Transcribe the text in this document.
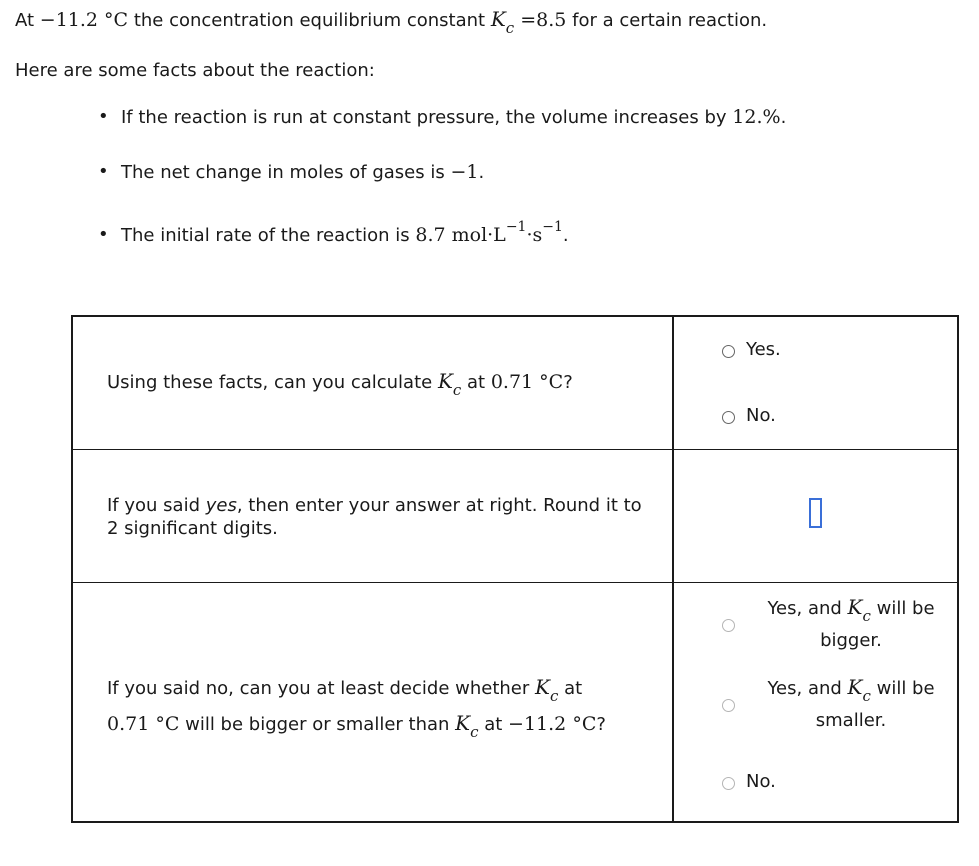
At −11.2 °C the concentration equilibrium constant $K_c =8.5$ for a certain reaction.
Here are some facts about the reaction:
• If the reaction is run at constant pressure, the volume increases by 12.%.
• The net change in moles of gases is −1.
• The initial rate of the reaction is 8.7 $mol\cdot L^{-1}\cdot s^{-1}$.
Using these facts, can you calculate $K_c$ at 0.71 °C?
Yes.
No.
If you said yes, then enter your answer at right. Round it to
2 significant digits.
If you said no, can you at least decide whether $K_c$ at
0.71 °C will be bigger or smaller than $K_c$ at −11.2 °C?
Yes, and $K_c$ will be
bigger.
Yes, and $K_c$ will be
smaller.
No.
